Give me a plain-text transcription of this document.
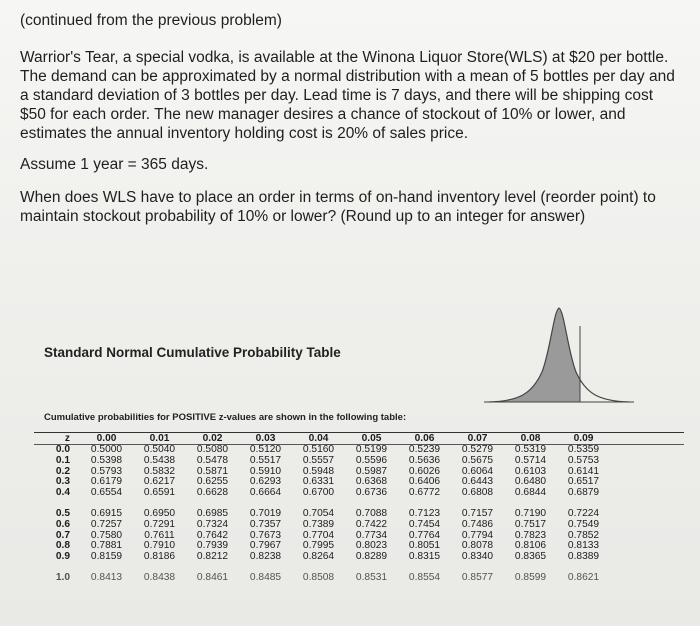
(continued from the previous problem)

Warrior's Tear, a special vodka, is available at the Winona Liquor Store(WLS) at $20 per bottle. The demand can be approximated by a normal distribution with a mean of 5 bottles per day and a standard deviation of 3 bottles per day. Lead time is 7 days, and there will be shipping cost $50 for each order. The new manager desires a chance of stockout of 10% or lower, and estimates the annual inventory holding cost is 20% of sales price.

Assume 1 year = 365 days.

When does WLS have to place an order in terms of on-hand inventory level (reorder point) to maintain stockout probability of 10% or lower? (Round up to an integer for answer)

Standard Normal Cumulative Probability Table
Cumulative probabilities for POSITIVE z-values are shown in the following table:
z	0.00	0.01	0.02	0.03	0.04	0.05	0.06	0.07	0.08	0.09
0.0	0.5000	0.5040	0.5080	0.5120	0.5160	0.5199	0.5239	0.5279	0.5319	0.5359
0.1	0.5398	0.5438	0.5478	0.5517	0.5557	0.5596	0.5636	0.5675	0.5714	0.5753
0.2	0.5793	0.5832	0.5871	0.5910	0.5948	0.5987	0.6026	0.6064	0.6103	0.6141
0.3	0.6179	0.6217	0.6255	0.6293	0.6331	0.6368	0.6406	0.6443	0.6480	0.6517
0.4	0.6554	0.6591	0.6628	0.6664	0.6700	0.6736	0.6772	0.6808	0.6844	0.6879
0.5	0.6915	0.6950	0.6985	0.7019	0.7054	0.7088	0.7123	0.7157	0.7190	0.7224
0.6	0.7257	0.7291	0.7324	0.7357	0.7389	0.7422	0.7454	0.7486	0.7517	0.7549
0.7	0.7580	0.7611	0.7642	0.7673	0.7704	0.7734	0.7764	0.7794	0.7823	0.7852
0.8	0.7881	0.7910	0.7939	0.7967	0.7995	0.8023	0.8051	0.8078	0.8106	0.8133
0.9	0.8159	0.8186	0.8212	0.8238	0.8264	0.8289	0.8315	0.8340	0.8365	0.8389
1.0	0.8413	0.8438	0.8461	0.8485	0.8508	0.8531	0.8554	0.8577	0.8599	0.8621
